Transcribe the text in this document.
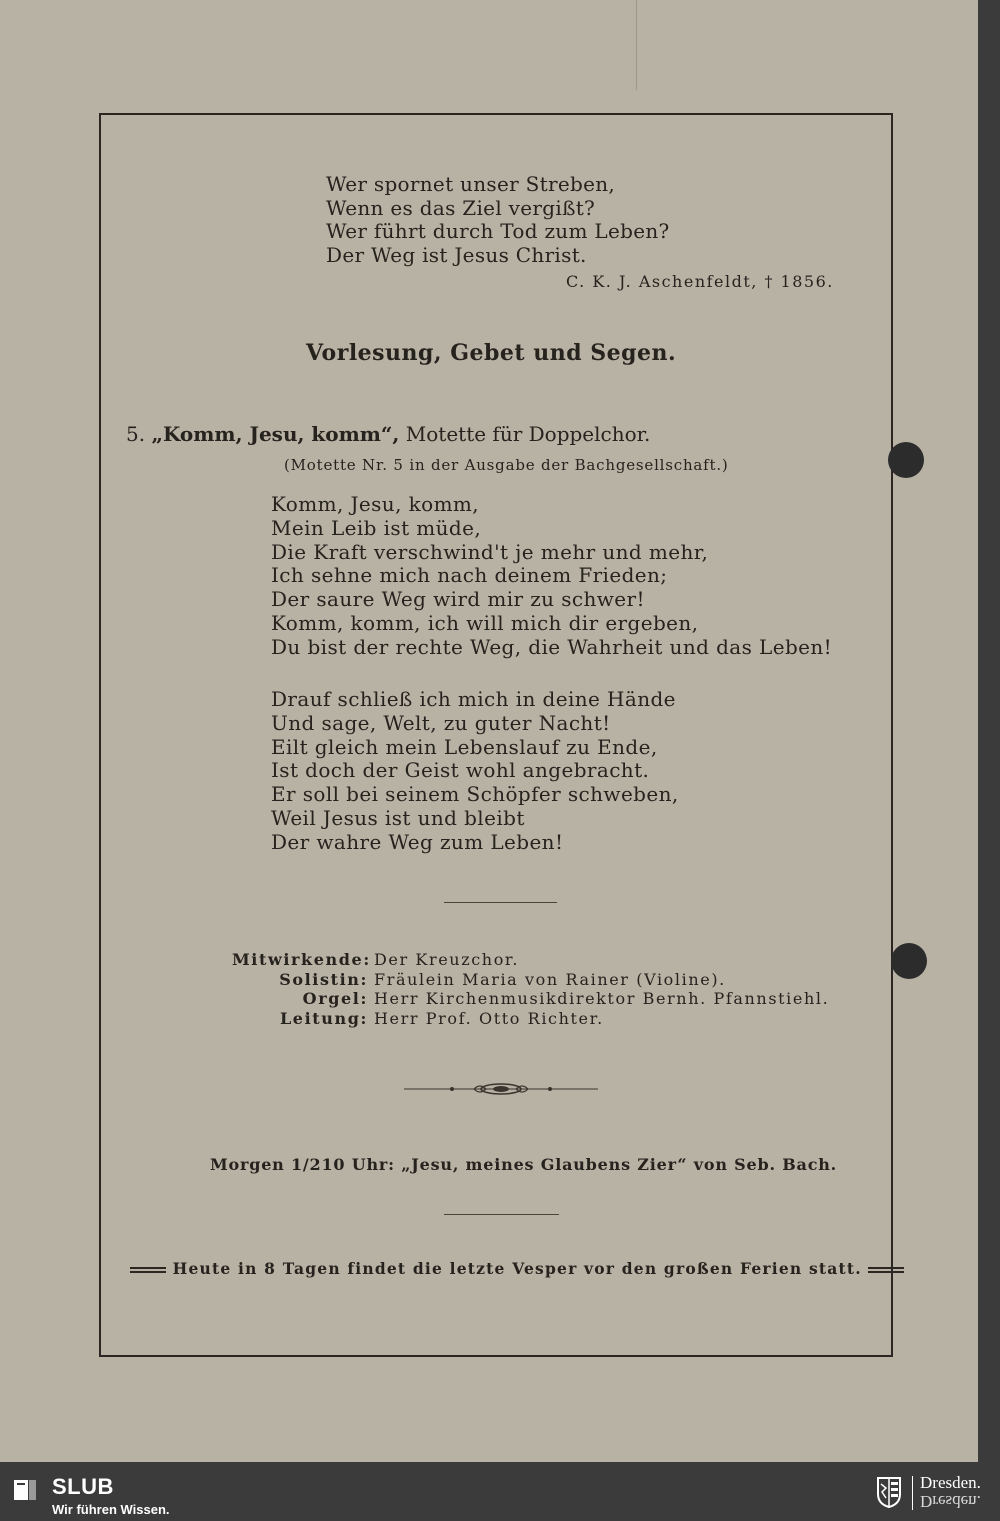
Wer spornet unser Streben,
Wenn es das Ziel vergißt?
Wer führt durch Tod zum Leben?
Der Weg ist Jesus Christ.
C. K. J. Aschenfeldt, † 1856.
Vorlesung, Gebet und Segen.
5. „Komm, Jesu, komm“, Motette für Doppelchor.
(Motette Nr. 5 in der Ausgabe der Bachgesellschaft.)
Komm, Jesu, komm,
Mein Leib ist müde,
Die Kraft verschwind't je mehr und mehr,
Ich sehne mich nach deinem Frieden;
Der saure Weg wird mir zu schwer!
Komm, komm, ich will mich dir ergeben,
Du bist der rechte Weg, die Wahrheit und das Leben!
Drauf schließ ich mich in deine Hände
Und sage, Welt, zu guter Nacht!
Eilt gleich mein Lebenslauf zu Ende,
Ist doch der Geist wohl angebracht.
Er soll bei seinem Schöpfer schweben,
Weil Jesus ist und bleibt
Der wahre Weg zum Leben!
Mitwirkende: Der Kreuzchor.
Solistin: Fräulein Maria von Rainer (Violine).
Orgel: Herr Kirchenmusikdirektor Bernh. Pfannstiehl.
Leitung: Herr Prof. Otto Richter.
Morgen 1/210 Uhr: „Jesu, meines Glaubens Zier“ von Seb. Bach.
Heute in 8 Tagen findet die letzte Vesper vor den großen Ferien statt.
SLUB
Wir führen Wissen.
Dresden.
Dresden.
